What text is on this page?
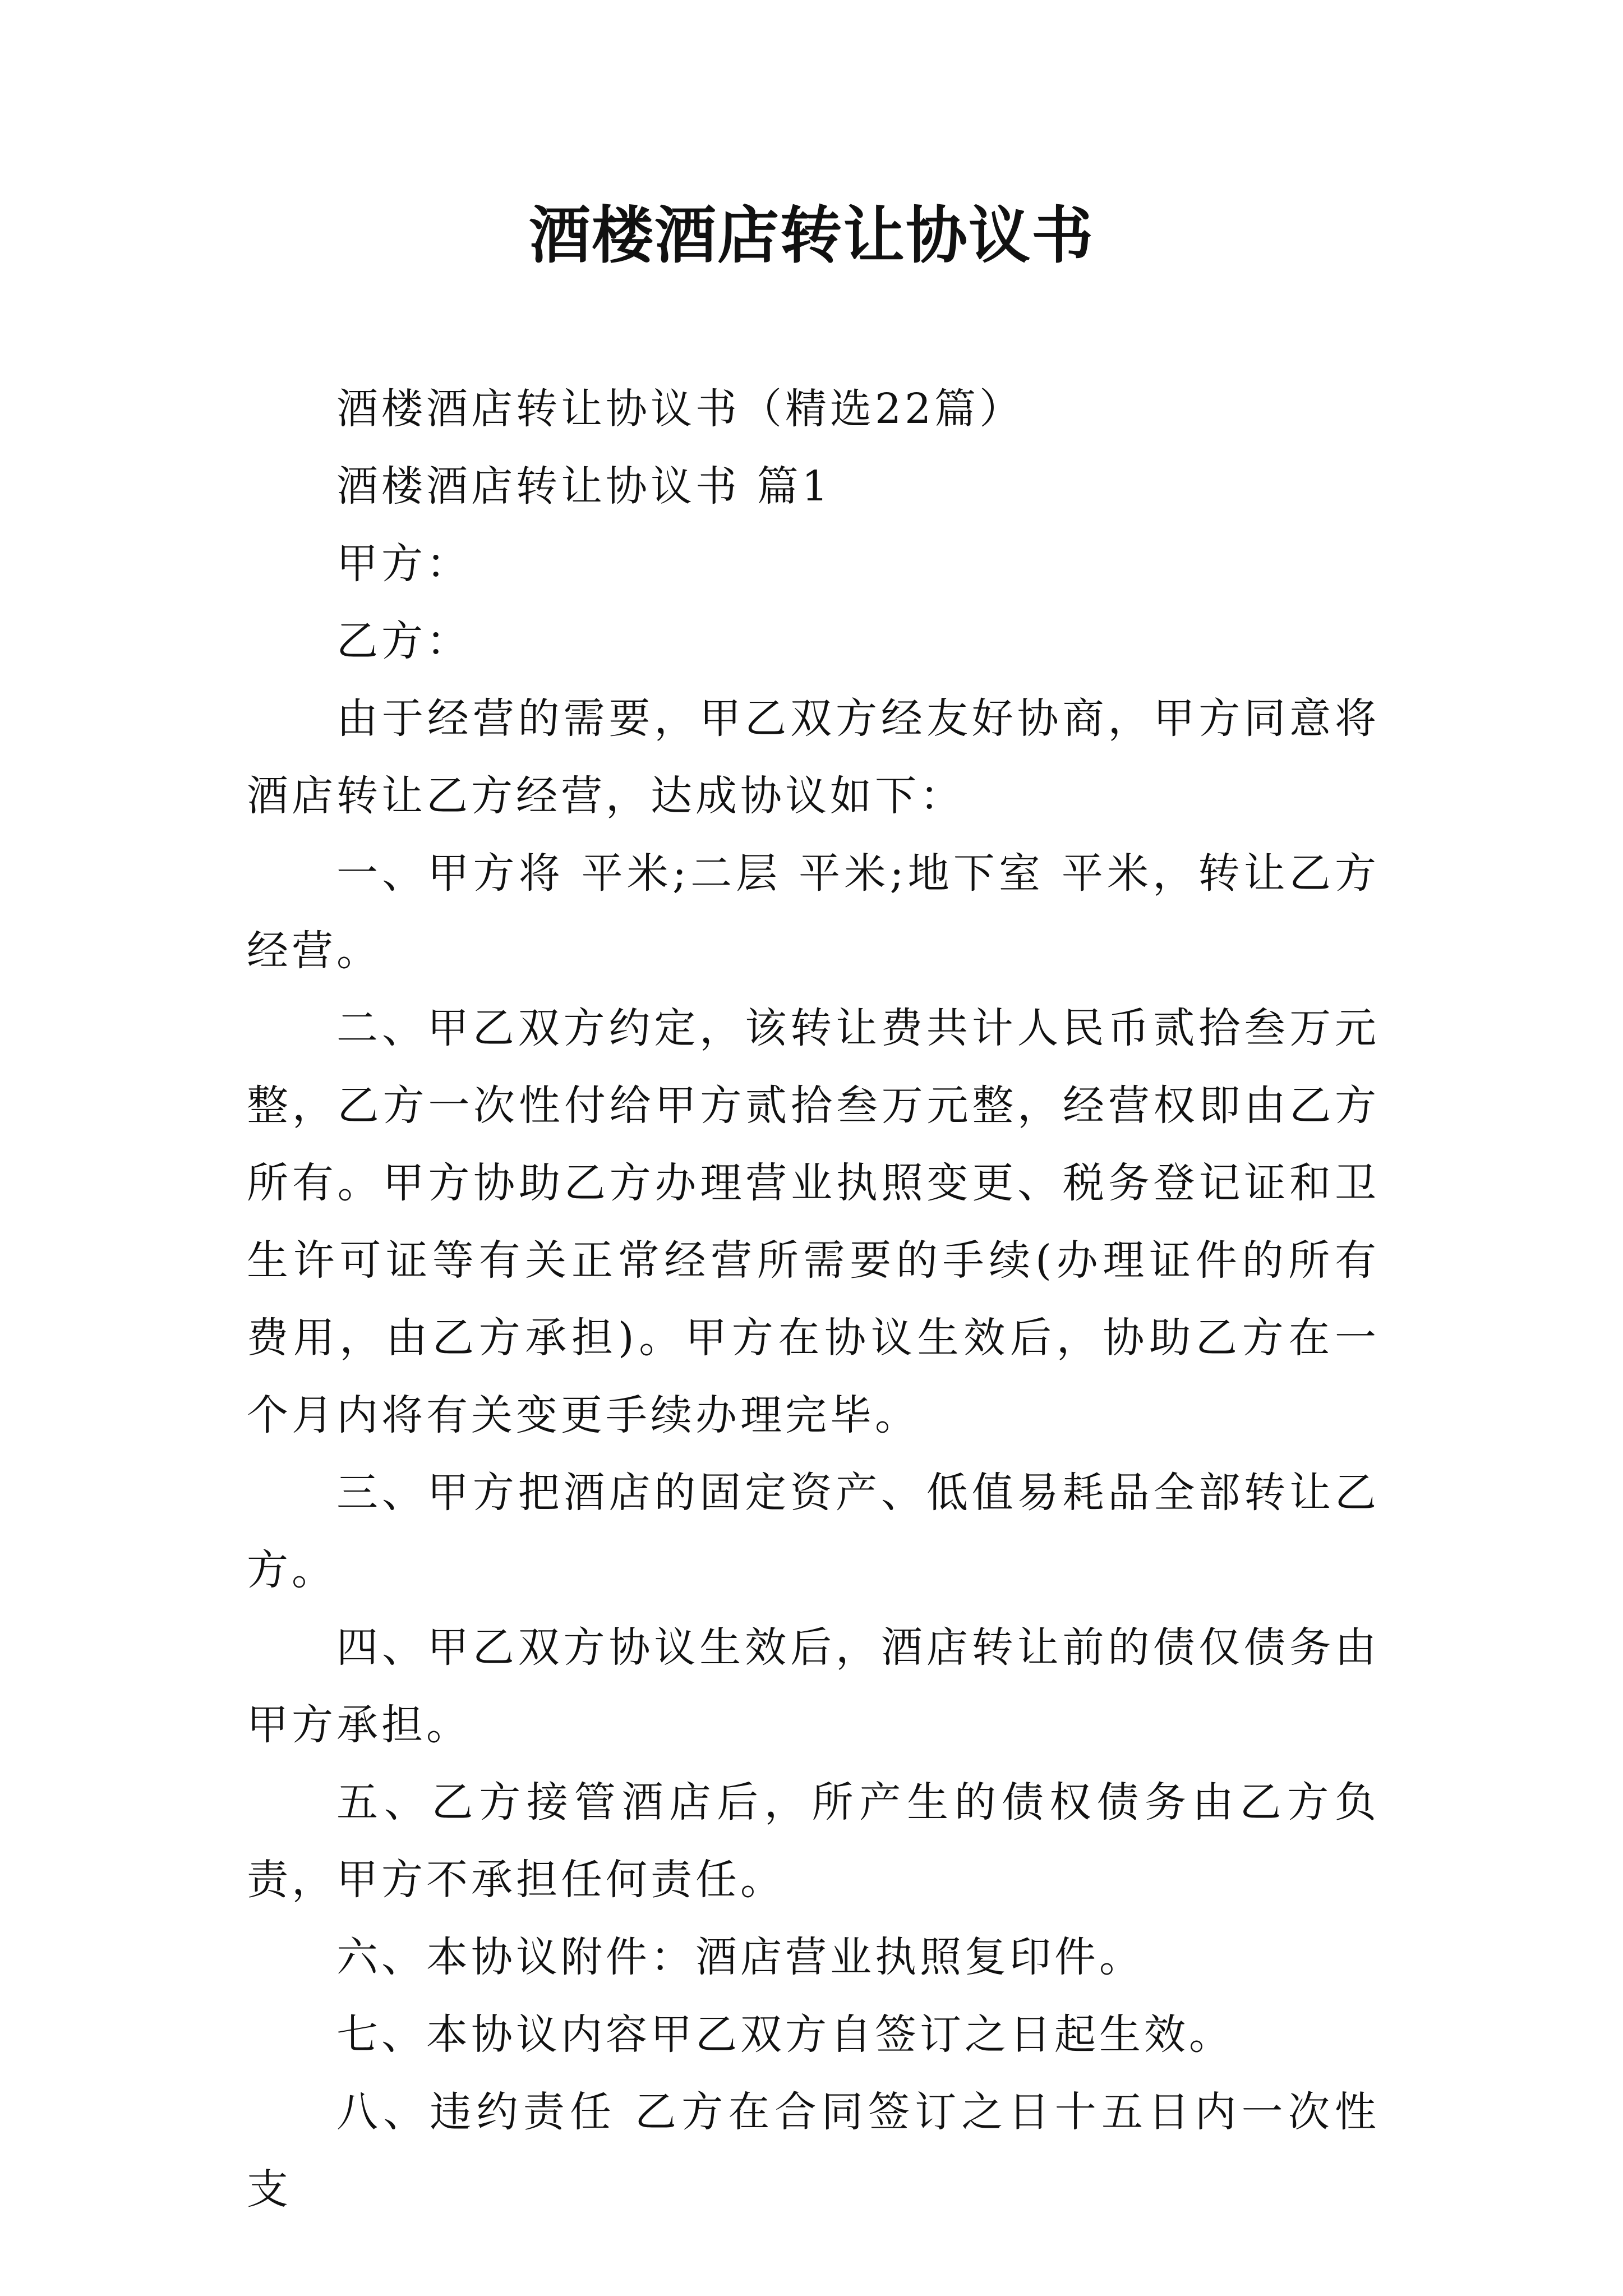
酒楼酒店转让协议书

酒楼酒店转让协议书（精选22篇）

酒楼酒店转让协议书 篇1

甲方：

乙方：

由于经营的需要，甲乙双方经友好协商，甲方同意将酒店转让乙方经营，达成协议如下：

一、甲方将 平米;二层 平米;地下室 平米，转让乙方经营。

二、甲乙双方约定，该转让费共计人民币贰拾叁万元整，乙方一次性付给甲方贰拾叁万元整，经营权即由乙方所有。甲方协助乙方办理营业执照变更、税务登记证和卫生许可证等有关正常经营所需要的手续(办理证件的所有费用，由乙方承担)。甲方在协议生效后，协助乙方在一个月内将有关变更手续办理完毕。

三、甲方把酒店的固定资产、低值易耗品全部转让乙方。

四、甲乙双方协议生效后，酒店转让前的债仅债务由甲方承担。

五、乙方接管酒店后，所产生的债权债务由乙方负责，甲方不承担任何责任。

六、本协议附件：酒店营业执照复印件。

七、本协议内容甲乙双方自签订之日起生效。

八、违约责任 乙方在合同签订之日十五日内一次性支
